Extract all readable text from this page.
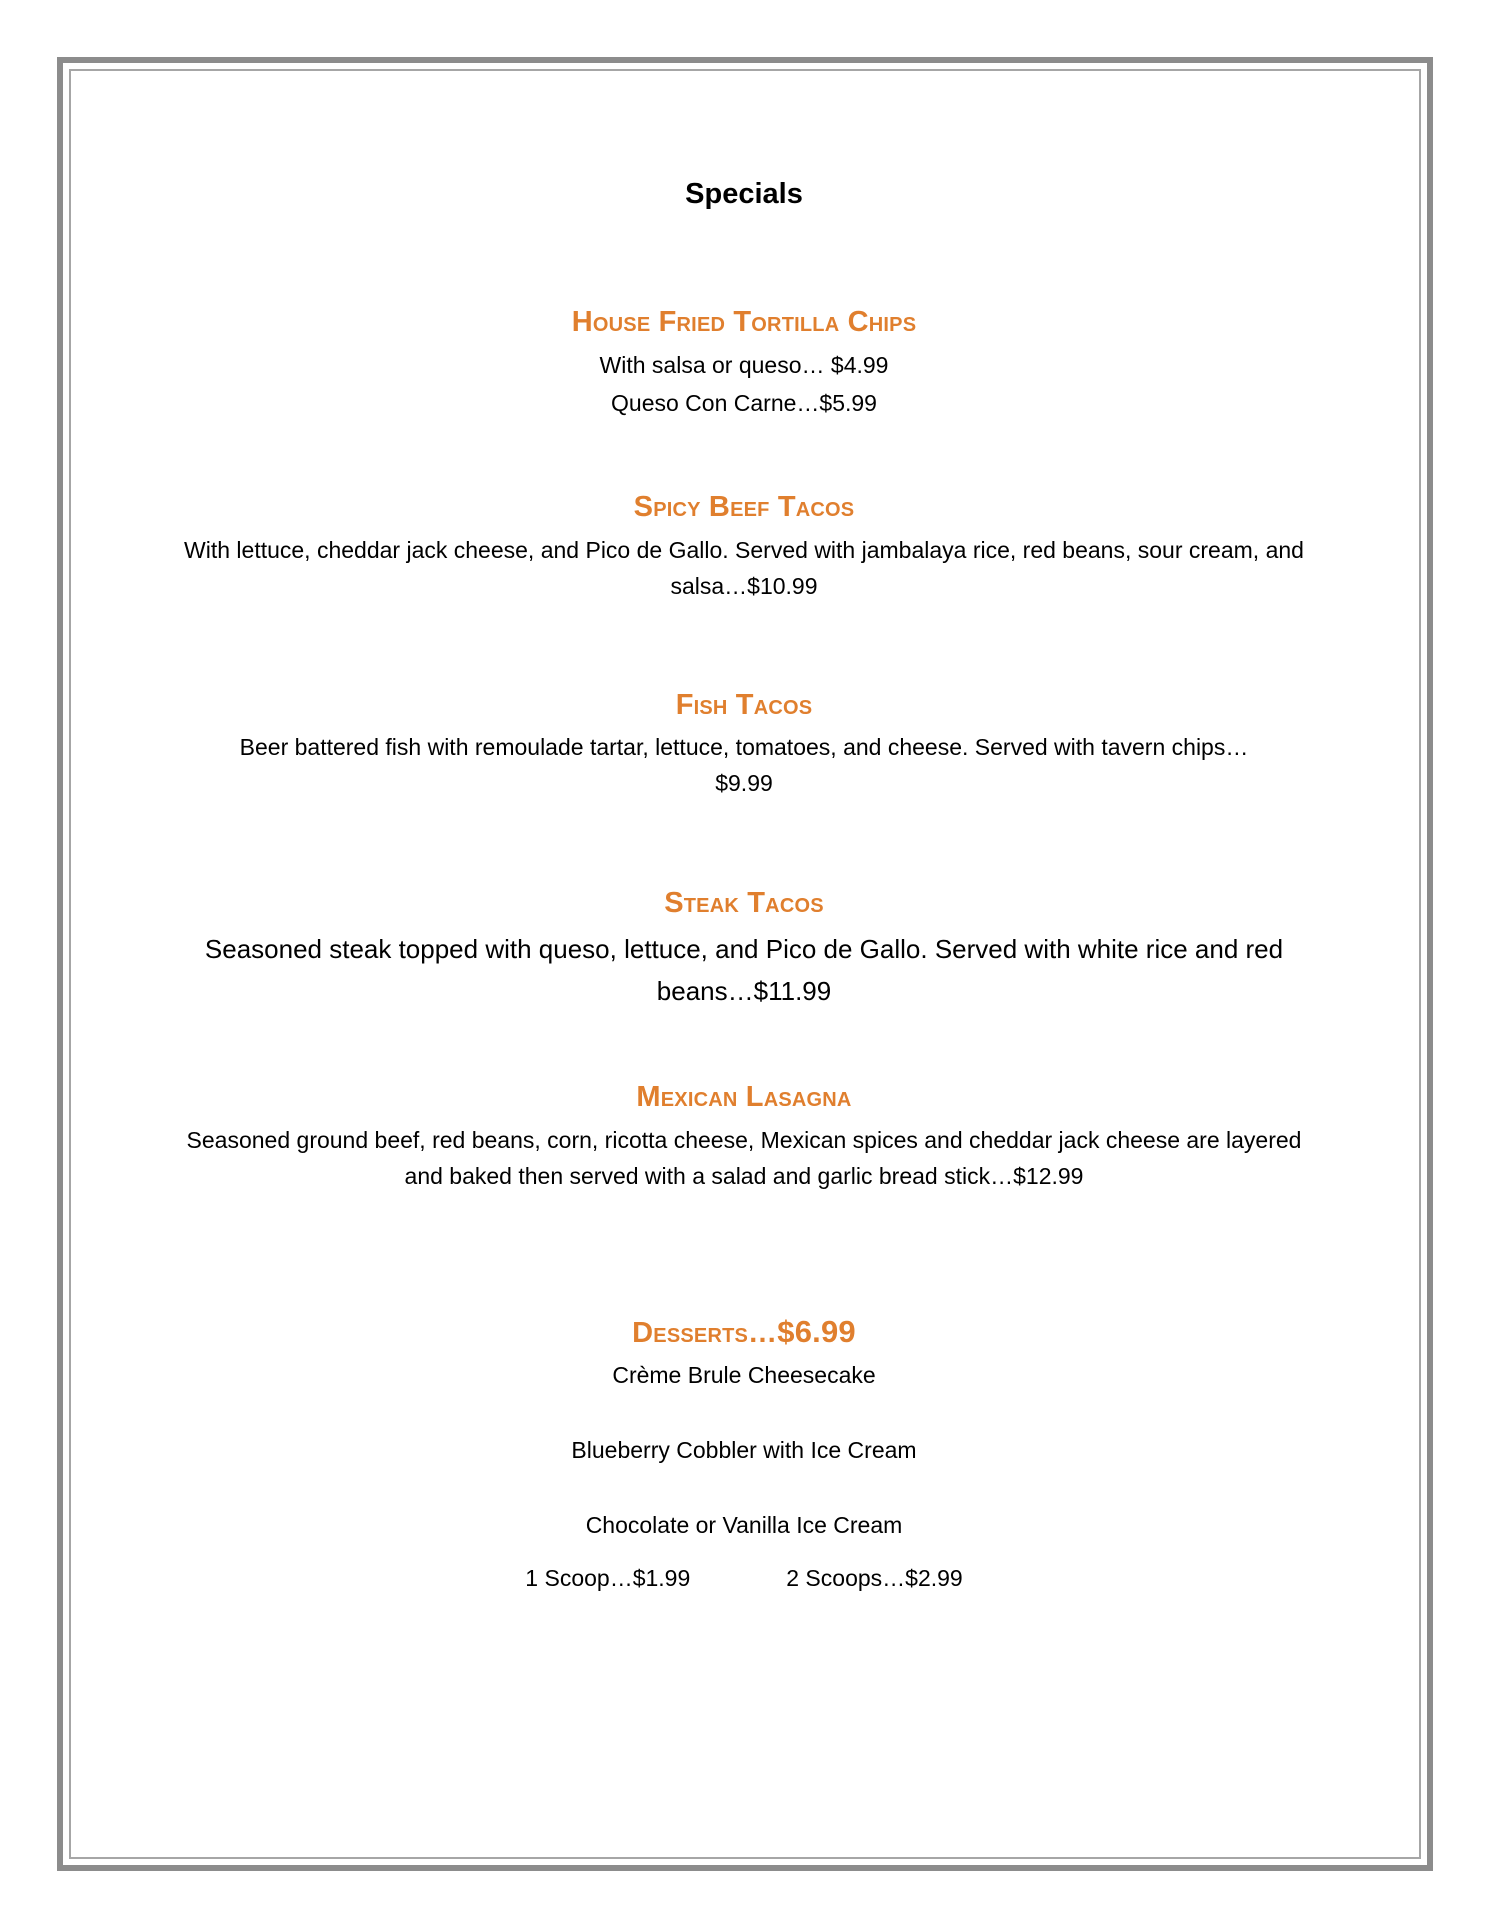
Specials
House Fried Tortilla Chips

With salsa or queso… $4.99

Queso Con Carne…$5.99

Spicy Beef Tacos

With lettuce, cheddar jack cheese, and Pico de Gallo. Served with jambalaya rice, red beans, sour cream, and salsa…$10.99

Fish Tacos

Beer battered fish with remoulade tartar, lettuce, tomatoes, and cheese. Served with tavern chips…$9.99

Steak Tacos

Seasoned steak topped with queso, lettuce, and Pico de Gallo. Served with white rice and red beans…$11.99

Mexican Lasagna

Seasoned ground beef, red beans, corn, ricotta cheese, Mexican spices and cheddar jack cheese are layered and baked then served with a salad and garlic bread stick…$12.99

Desserts…$6.99

Crème Brule Cheesecake

Blueberry Cobbler with Ice Cream

Chocolate or Vanilla Ice Cream

1 Scoop…$1.99	2 Scoops…$2.99
